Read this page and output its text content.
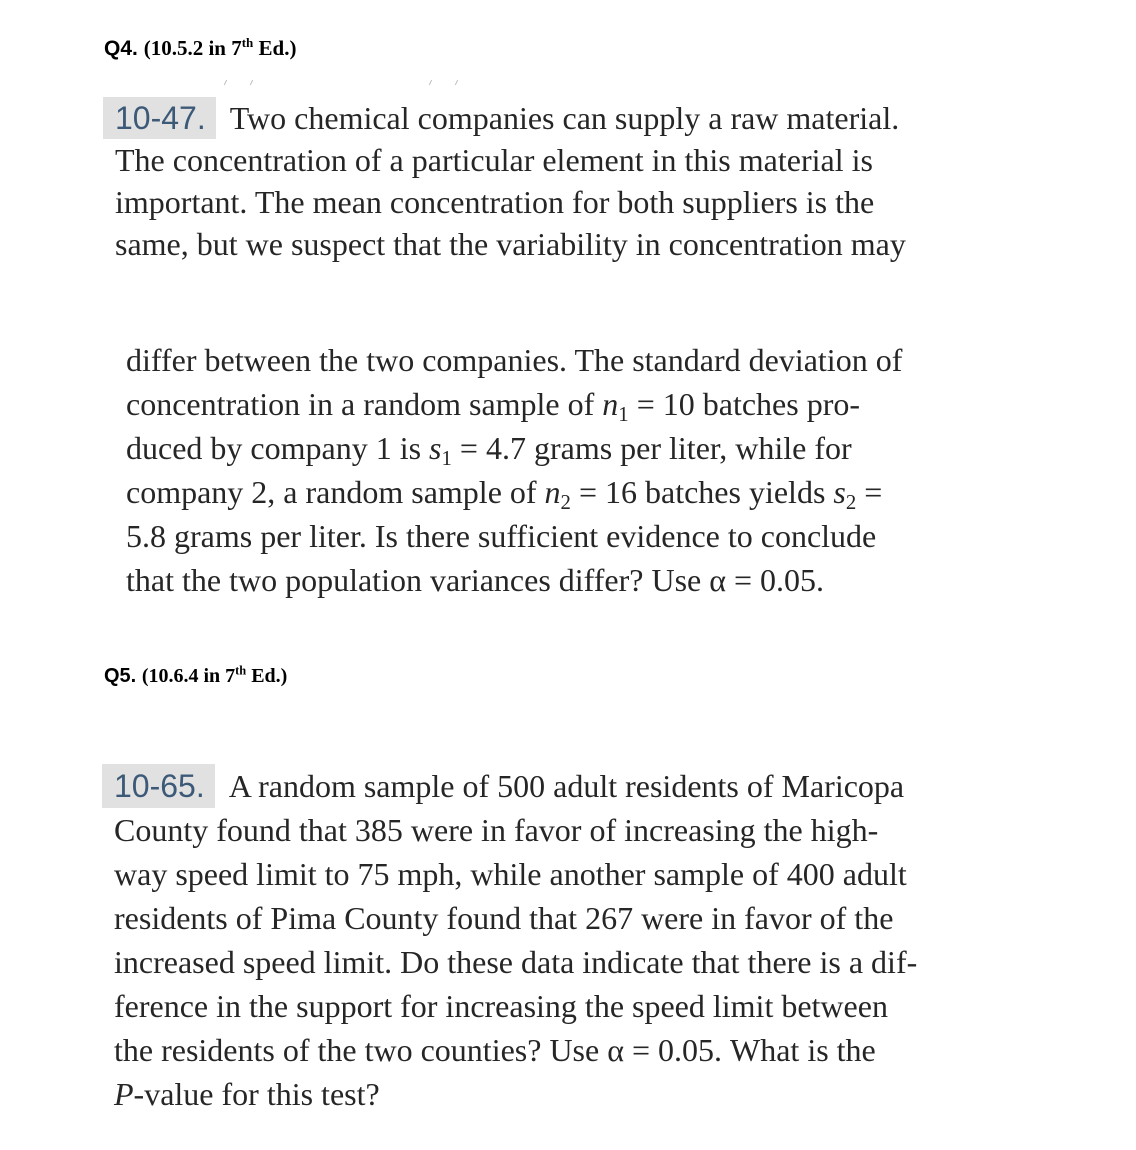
Q4. (10.5.2 in 7th Ed.)
10-47. Two chemical companies can supply a raw material.
The concentration of a particular element in this material is
important. The mean concentration for both suppliers is the
same, but we suspect that the variability in concentration may
differ between the two companies. The standard deviation of
concentration in a random sample of $n_1 = 10$ batches pro-
duced by company 1 is $s_1 = 4.7$ grams per liter, while for
company 2, a random sample of $n_2 = 16$ batches yields $s_2$ =
5.8 grams per liter. Is there sufficient evidence to conclude
that the two population variances differ? Use α = 0.05.
Q5. (10.6.4 in 7th Ed.)
10-65. A random sample of 500 adult residents of Maricopa
County found that 385 were in favor of increasing the high-
way speed limit to 75 mph, while another sample of 400 adult
residents of Pima County found that 267 were in favor of the
increased speed limit. Do these data indicate that there is a dif-
ference in the support for increasing the speed limit between
the residents of the two counties? Use α = 0.05. What is the
P-value for this test?
